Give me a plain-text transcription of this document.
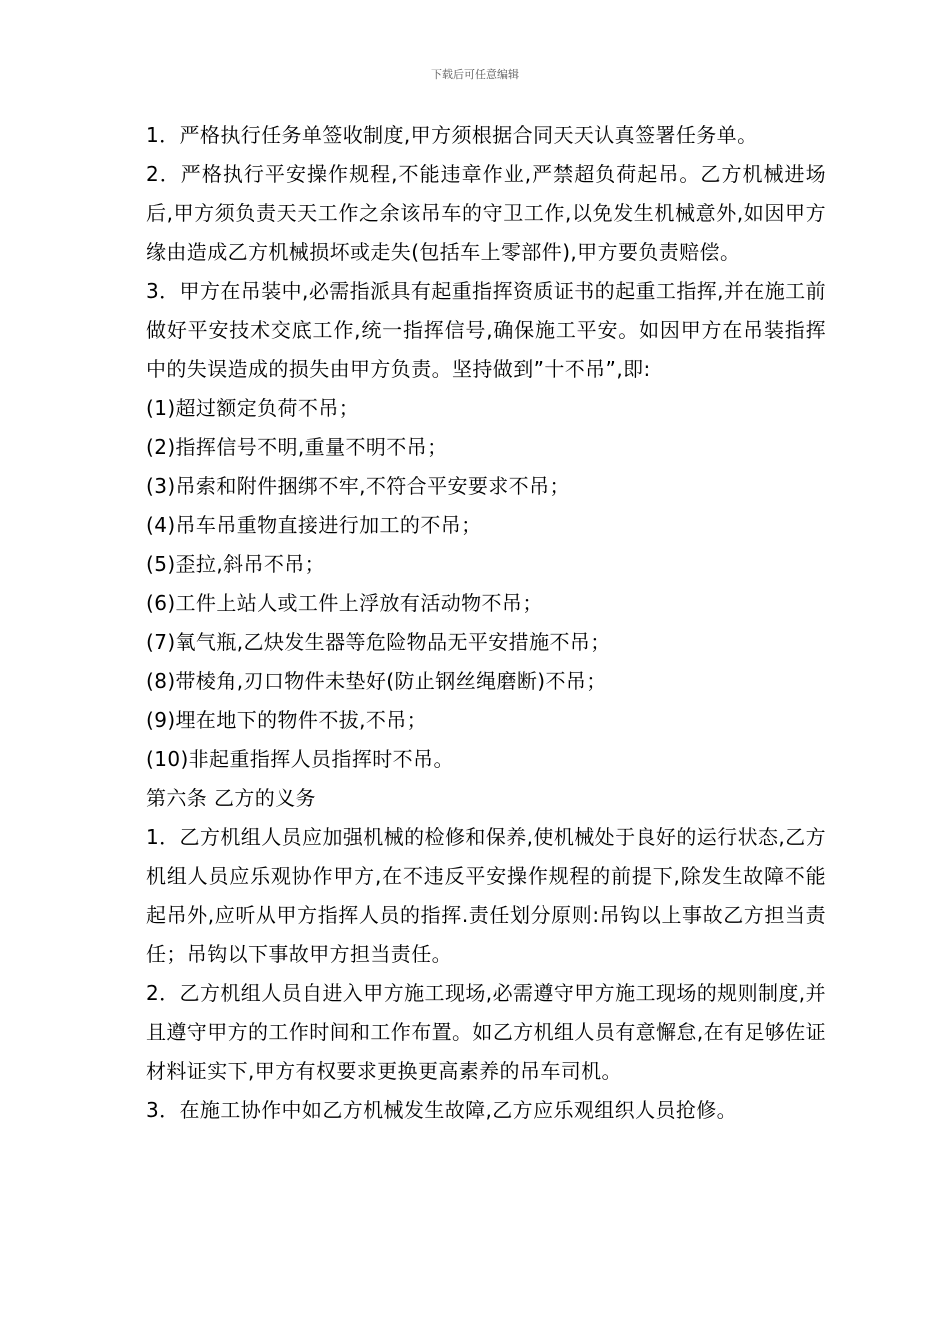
下载后可任意编辑

1．严格执行任务单签收制度,甲方须根据合同天天认真签署任务单。

2．严格执行平安操作规程,不能违章作业,严禁超负荷起吊。乙方机械进场后,甲方须负责天天工作之余该吊车的守卫工作,以免发生机械意外,如因甲方缘由造成乙方机械损坏或走失(包括车上零部件),甲方要负责赔偿。

3．甲方在吊装中,必需指派具有起重指挥资质证书的起重工指挥,并在施工前做好平安技术交底工作,统一指挥信号,确保施工平安。如因甲方在吊装指挥中的失误造成的损失由甲方负责。坚持做到”十不吊”,即:

(1)超过额定负荷不吊；

(2)指挥信号不明,重量不明不吊；

(3)吊索和附件捆绑不牢,不符合平安要求不吊；

(4)吊车吊重物直接进行加工的不吊；

(5)歪拉,斜吊不吊；

(6)工件上站人或工件上浮放有活动物不吊；

(7)氧气瓶,乙炔发生器等危险物品无平安措施不吊；

(8)带棱角,刃口物件未垫好(防止钢丝绳磨断)不吊；

(9)埋在地下的物件不拔,不吊；

(10)非起重指挥人员指挥时不吊。

第六条 乙方的义务

1．乙方机组人员应加强机械的检修和保养,使机械处于良好的运行状态,乙方机组人员应乐观协作甲方,在不违反平安操作规程的前提下,除发生故障不能起吊外,应听从甲方指挥人员的指挥.责任划分原则:吊钩以上事故乙方担当责任；吊钩以下事故甲方担当责任。

2．乙方机组人员自进入甲方施工现场,必需遵守甲方施工现场的规则制度,并且遵守甲方的工作时间和工作布置。如乙方机组人员有意懈怠,在有足够佐证材料证实下,甲方有权要求更换更高素养的吊车司机。

3．在施工协作中如乙方机械发生故障,乙方应乐观组织人员抢修。
